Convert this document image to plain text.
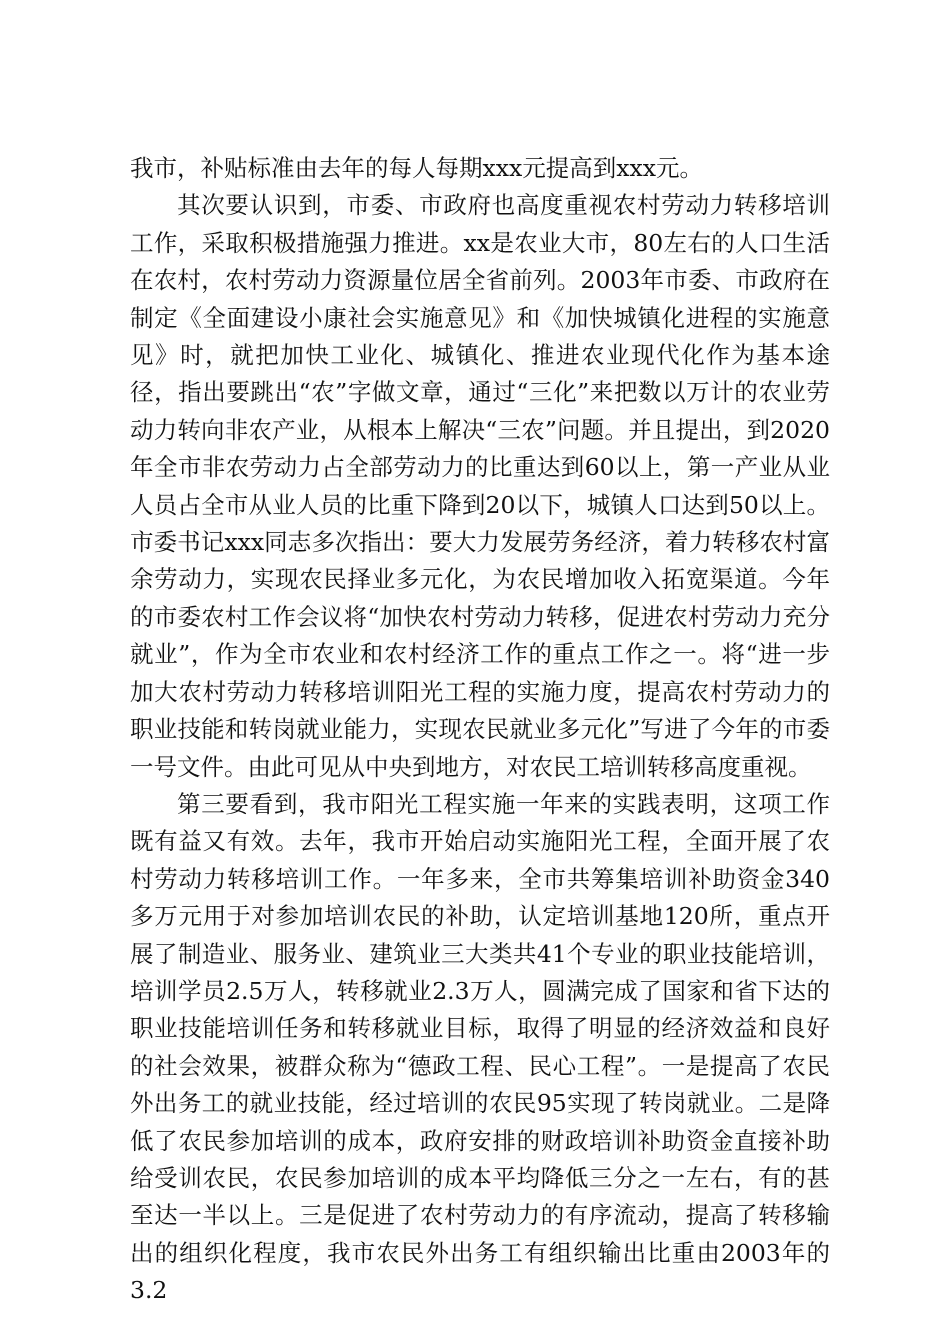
我市，补贴标准由去年的每人每期xxx元提高到xxx元。

其次要认识到，市委、市政府也高度重视农村劳动力转移培训工作，采取积极措施强力推进。xx是农业大市，80左右的人口生活在农村，农村劳动力资源量位居全省前列。2003年市委、市政府在制定《全面建设小康社会实施意见》和《加快城镇化进程的实施意见》时，就把加快工业化、城镇化、推进农业现代化作为基本途径，指出要跳出“农”字做文章，通过“三化”来把数以万计的农业劳动力转向非农产业，从根本上解决“三农”问题。并且提出，到2020年全市非农劳动力占全部劳动力的比重达到60以上，第一产业从业人员占全市从业人员的比重下降到20以下，城镇人口达到50以上。市委书记xxx同志多次指出：要大力发展劳务经济，着力转移农村富余劳动力，实现农民择业多元化，为农民增加收入拓宽渠道。今年的市委农村工作会议将“加快农村劳动力转移，促进农村劳动力充分就业”，作为全市农业和农村经济工作的重点工作之一。将“进一步加大农村劳动力转移培训阳光工程的实施力度，提高农村劳动力的职业技能和转岗就业能力，实现农民就业多元化”写进了今年的市委一号文件。由此可见从中央到地方，对农民工培训转移高度重视。

第三要看到，我市阳光工程实施一年来的实践表明，这项工作既有益又有效。去年，我市开始启动实施阳光工程，全面开展了农村劳动力转移培训工作。一年多来，全市共筹集培训补助资金340多万元用于对参加培训农民的补助，认定培训基地120所，重点开展了制造业、服务业、建筑业三大类共41个专业的职业技能培训，培训学员2.5万人，转移就业2.3万人，圆满完成了国家和省下达的职业技能培训任务和转移就业目标，取得了明显的经济效益和良好的社会效果，被群众称为“德政工程、民心工程”。一是提高了农民外出务工的就业技能，经过培训的农民95实现了转岗就业。二是降低了农民参加培训的成本，政府安排的财政培训补助资金直接补助给受训农民，农民参加培训的成本平均降低三分之一左右，有的甚至达一半以上。三是促进了农村劳动力的有序流动，提高了转移输出的组织化程度，我市农民外出务工有组织输出比重由2003年的3.2
